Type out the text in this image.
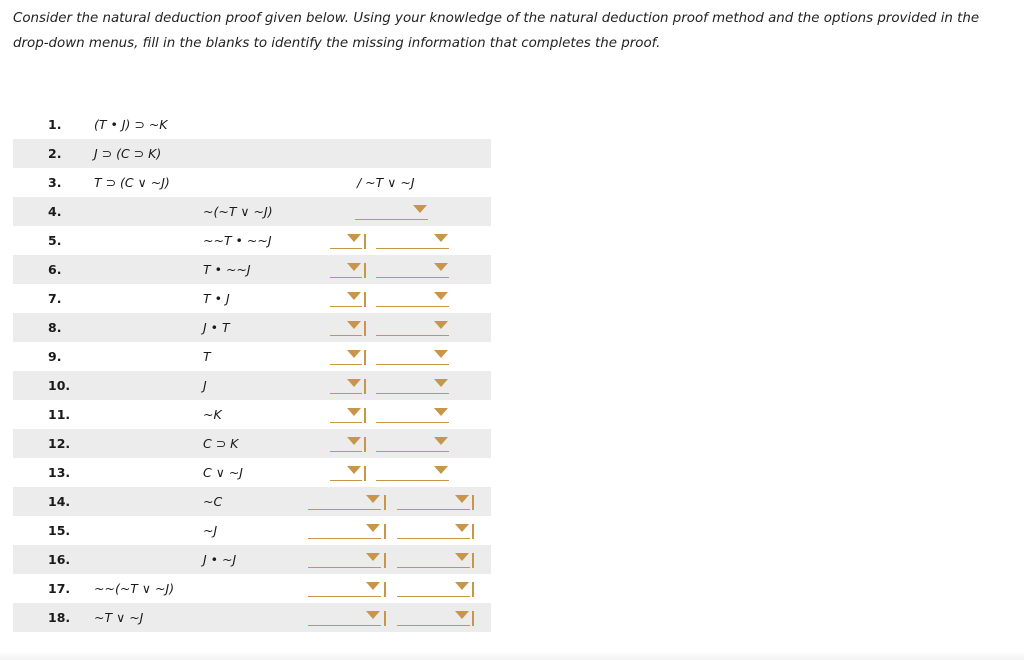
Consider the natural deduction proof given below. Using your knowledge of the natural deduction proof method and the options provided in the drop-down menus, fill in the blanks to identify the missing information that completes the proof.
1.	(T • J) ⊃ ~K
2.	J ⊃ (C ⊃ K)
3.	T ⊃ (C ∨ ~J)	/ ~T ∨ ~J
4.	~(~T ∨ ~J)
5.	~~T • ~~J
6.	T • ~~J
7.	T • J
8.	J • T
9.	T
10.	J
11.	~K
12.	C ⊃ K
13.	C ∨ ~J
14.	~C
15.	~J
16.	J • ~J
17. ~~(~T ∨ ~J)
18. ~T ∨ ~J
